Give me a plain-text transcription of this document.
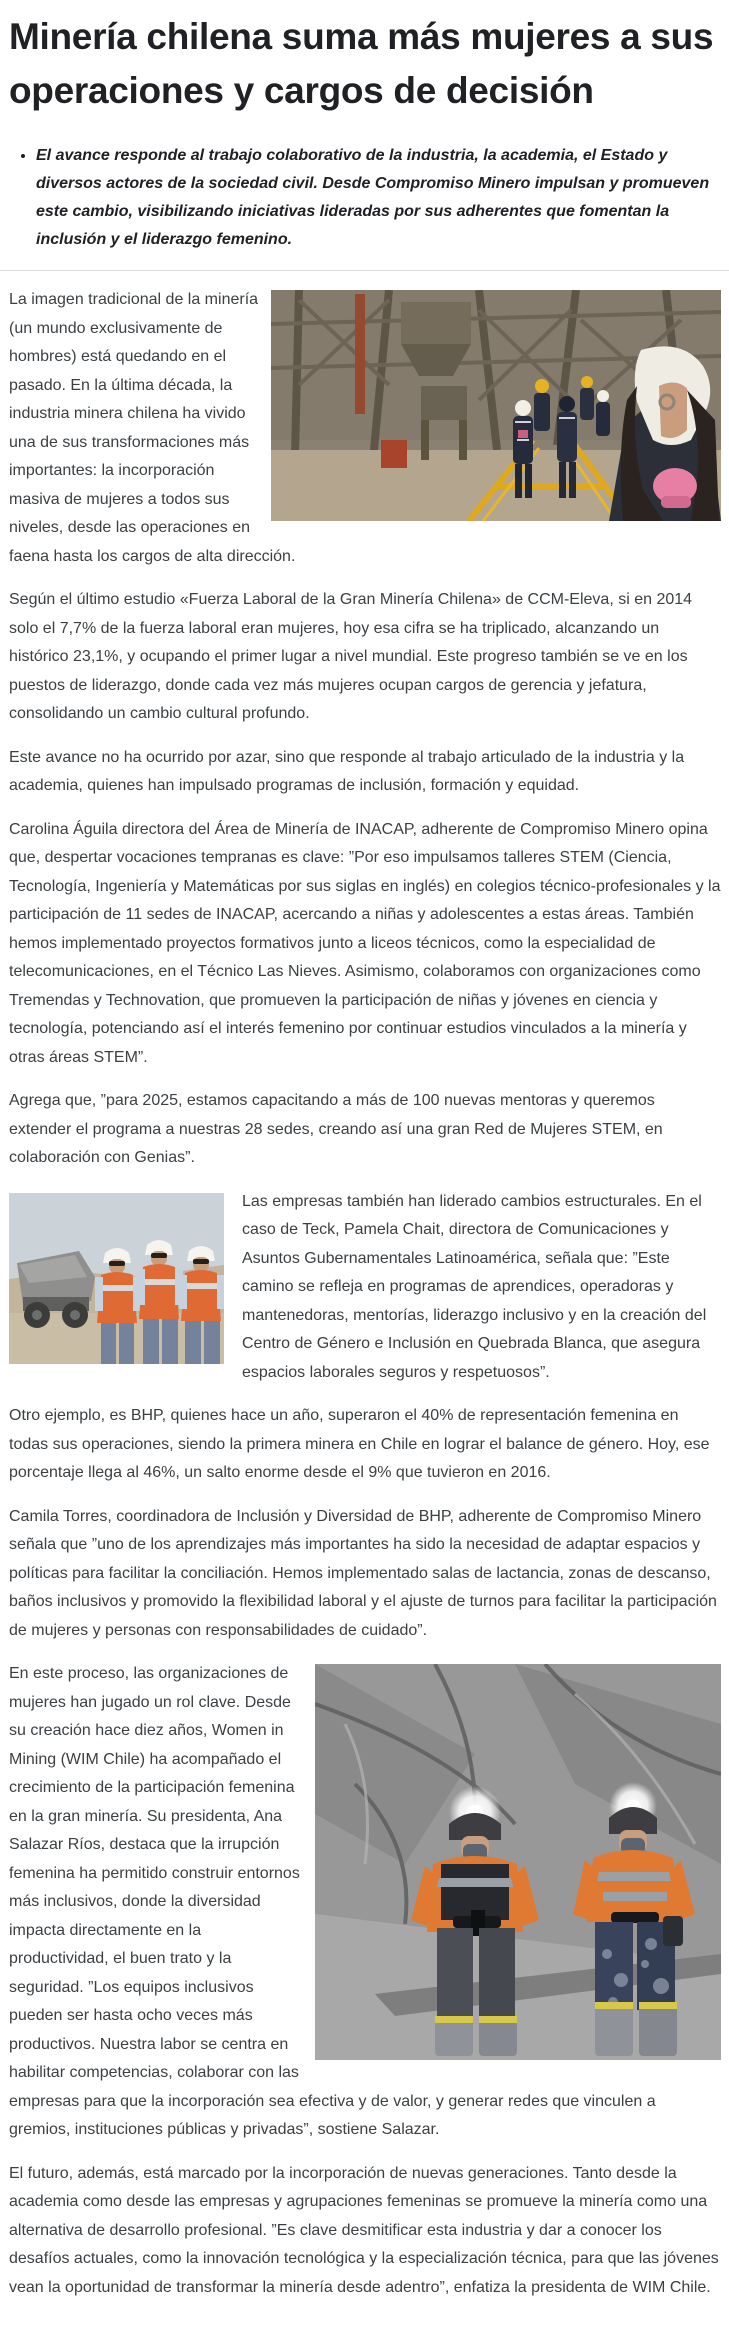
Minería chilena suma más mujeres a sus operaciones y cargos de decisión
• El avance responde al trabajo colaborativo de la industria, la academia, el Estado y diversos actores de la sociedad civil. Desde Compromiso Minero impulsan y promueven este cambio, visibilizando iniciativas lideradas por sus adherentes que fomentan la inclusión y el liderazgo femenino.

La imagen tradicional de la minería (un mundo exclusivamente de hombres) está quedando en el pasado. En la última década, la industria minera chilena ha vivido una de sus transformaciones más importantes: la incorporación masiva de mujeres a todos sus niveles, desde las operaciones en faena hasta los cargos de alta dirección.

Según el último estudio «Fuerza Laboral de la Gran Minería Chilena» de CCM-Eleva, si en 2014 solo el 7,7% de la fuerza laboral eran mujeres, hoy esa cifra se ha triplicado, alcanzando un histórico 23,1%, y ocupando el primer lugar a nivel mundial. Este progreso también se ve en los puestos de liderazgo, donde cada vez más mujeres ocupan cargos de gerencia y jefatura, consolidando un cambio cultural profundo.

Este avance no ha ocurrido por azar, sino que responde al trabajo articulado de la industria y la academia, quienes han impulsado programas de inclusión, formación y equidad.

Carolina Águila directora del Área de Minería de INACAP, adherente de Compromiso Minero opina que, despertar vocaciones tempranas es clave: ”Por eso impulsamos talleres STEM (Ciencia, Tecnología, Ingeniería y Matemáticas por sus siglas en inglés) en colegios técnico-profesionales y la participación de 11 sedes de INACAP, acercando a niñas y adolescentes a estas áreas. También hemos implementado proyectos formativos junto a liceos técnicos, como la especialidad de telecomunicaciones, en el Técnico Las Nieves. Asimismo, colaboramos con organizaciones como Tremendas y Technovation, que promueven la participación de niñas y jóvenes en ciencia y tecnología, potenciando así el interés femenino por continuar estudios vinculados a la minería y otras áreas STEM”.

Agrega que, ”para 2025, estamos capacitando a más de 100 nuevas mentoras y queremos extender el programa a nuestras 28 sedes, creando así una gran Red de Mujeres STEM, en colaboración con Genias”.

Las empresas también han liderado cambios estructurales. En el caso de Teck, Pamela Chait, directora de Comunicaciones y Asuntos Gubernamentales Latinoamérica, señala que: ”Este camino se refleja en programas de aprendices, operadoras y mantenedoras, mentorías, liderazgo inclusivo y en la creación del Centro de Género e Inclusión en Quebrada Blanca, que asegura espacios laborales seguros y respetuosos”.

Otro ejemplo, es BHP, quienes hace un año, superaron el 40% de representación femenina en todas sus operaciones, siendo la primera minera en Chile en lograr el balance de género. Hoy, ese porcentaje llega al 46%, un salto enorme desde el 9% que tuvieron en 2016.

Camila Torres, coordinadora de Inclusión y Diversidad de BHP, adherente de Compromiso Minero señala que ”uno de los aprendizajes más importantes ha sido la necesidad de adaptar espacios y políticas para facilitar la conciliación. Hemos implementado salas de lactancia, zonas de descanso, baños inclusivos y promovido la flexibilidad laboral y el ajuste de turnos para facilitar la participación de mujeres y personas con responsabilidades de cuidado”.

En este proceso, las organizaciones de mujeres han jugado un rol clave. Desde su creación hace diez años, Women in Mining (WIM Chile) ha acompañado el crecimiento de la participación femenina en la gran minería. Su presidenta, Ana Salazar Ríos, destaca que la irrupción femenina ha permitido construir entornos más inclusivos, donde la diversidad impacta directamente en la productividad, el buen trato y la seguridad. ”Los equipos inclusivos pueden ser hasta ocho veces más productivos. Nuestra labor se centra en habilitar competencias, colaborar con las empresas para que la incorporación sea efectiva y de valor, y generar redes que vinculen a gremios, instituciones públicas y privadas”, sostiene Salazar.

El futuro, además, está marcado por la incorporación de nuevas generaciones. Tanto desde la academia como desde las empresas y agrupaciones femeninas se promueve la minería como una alternativa de desarrollo profesional. ”Es clave desmitificar esta industria y dar a conocer los desafíos actuales, como la innovación tecnológica y la especialización técnica, para que las jóvenes vean la oportunidad de transformar la minería desde adentro”, enfatiza la presidenta de WIM Chile.
